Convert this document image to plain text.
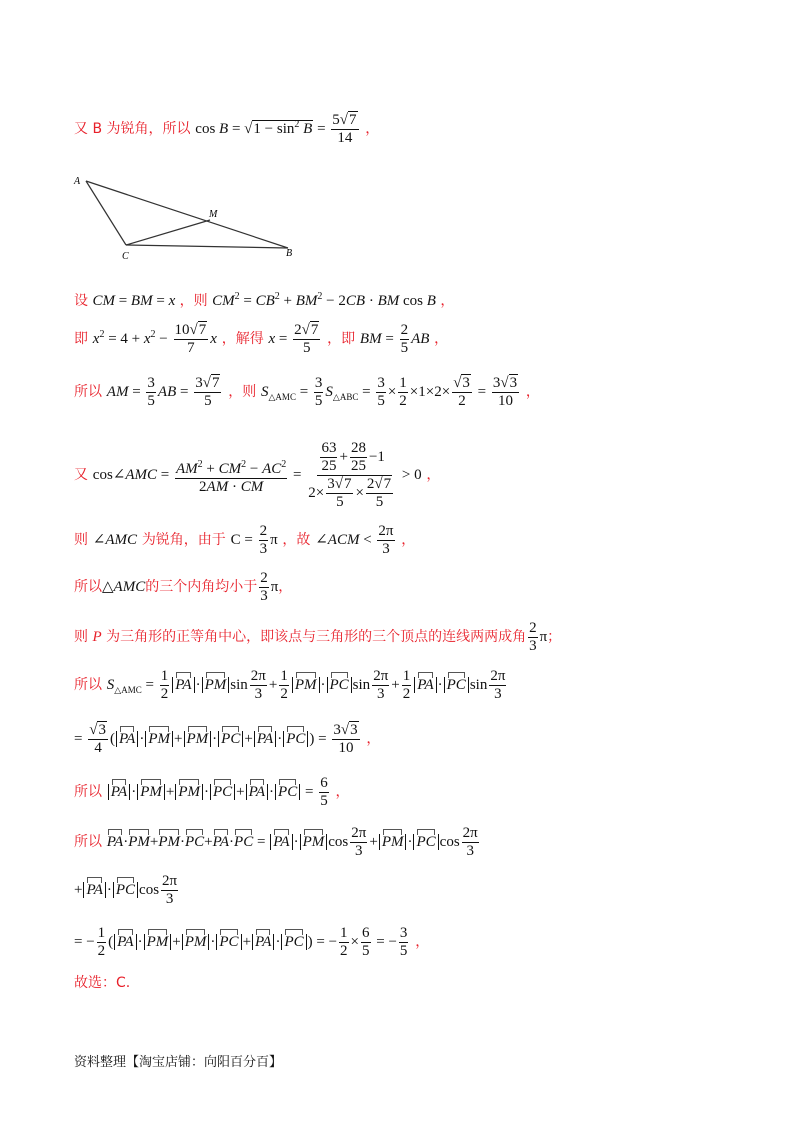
又 B 为锐角，所以 $\cos B = √1 - \sin^2 B = \frac{5√7}{14}$ ，
A
M
C	B
设 CM = BM = x ，则 $CM^2 = CB^2 + BM^2 - 2CB$ · BM cos B ，
即 $x^2 = 4 + x^2 - \frac{10√7}{7}$ x ，解得 $x = \frac{2√7}{5}$ ，即 BM = $\frac{2}{5}$ AB ，
所以 AM = $\frac{3}{5}$ AB = $\frac{3√7}{5}$ ，则 $S_{\triangle AMC} = \frac{3}{5} S_{\triangle ABC} = \frac{3}{5} \times \frac{1}{2} \times 1\times 2\times \frac{√3}{2} = \frac{3√3}{10}$ ，
又 cos∠AMC = $\frac{AM^2 + CM^2 - AC^2}{2AM \cdot CM} = \frac{\frac{63}{25} + \frac{28}{25} -1}{2\times \frac{3√7}{5} \times \frac{2√7}{5}} > 0$ ，
则 ∠AMC 为锐角，由于 $C = \frac{2}{3}$ π ，故 ∠ACM < $\frac{2\pi}{3}$ ，
所以△AMC的三个内角均小于 $\frac{2}{3}$ π，
则 P 为三角形的正等角中心，即该点与三角形的三个顶点的连线两两成角 $\frac{2}{3}$ π；
所以 $S_{\triangle AMC} = \frac{1}{2}$ PA · PM $\sin \frac{2\pi}{3} + \frac{1}{2}$ PM · PC $\sin \frac{2\pi}{3} + \frac{1}{2}$ PA · PC $\sin \frac{2\pi}{3}$
= $\frac{√3}{4}$ ( PA · PM + PM · PC + PA · PC ) = $\frac{3√3}{10}$ ，
所以 PA · PM + PM · PC + PA · PC = $\frac{6}{5}$ ，
所以 PA·PM+PM·PC+PA·PC = PA · PM $\cos \frac{2\pi}{3}$ + PM · PC $\cos \frac{2\pi}{3}$
+ PA · PC $\cos \frac{2\pi}{3}$
= − $\frac{1}{2}$ ( PA · PM + PM · PC + PA · PC ) = − $\frac{1}{2} \times \frac{6}{5}$ = − $\frac{3}{5}$ ，
故选：C.
资料整理【淘宝店铺：向阳百分百】
